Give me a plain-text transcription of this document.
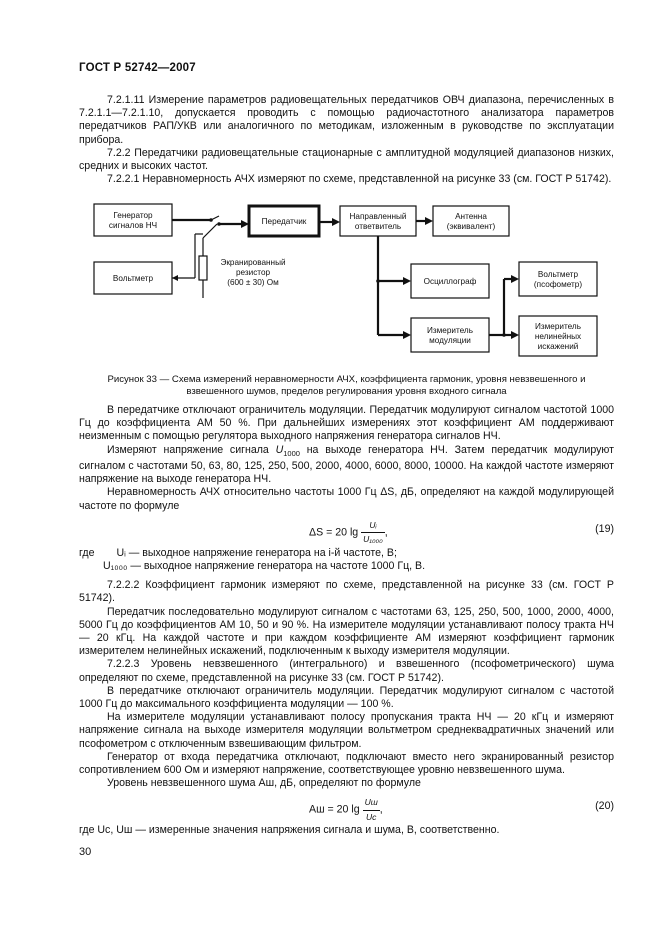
ГОСТ Р 52742—2007

7.2.1.11 Измерение параметров радиовещательных передатчиков ОВЧ диапазона, перечисленных в 7.2.1.1—7.2.1.10, допускается проводить с помощью радиочастотного анализатора параметров передатчиков РАП/УКВ или аналогичного по методикам, изложенным в руководстве по эксплуатации прибора.

7.2.2 Передатчики радиовещательные стационарные с амплитудной модуляцией диапазонов низких, средних и высоких частот.

7.2.2.1 Неравномерность АЧХ измеряют по схеме, представленной на рисунке 33 (см. ГОСТ Р 51742).

Генератор
сигналов НЧ
Вольтметр
Передатчик
Направленный
ответвитель
Антенна
(эквивалент)
Экранированный
резистор
(600 ± 30) Ом	Осциллограф
Измеритель
модуляции
Вольтметр
(псофометр)
Измеритель
нелинейных
искажений
Рисунок 33 — Схема измерений неравномерности АЧХ, коэффициента гармоник, уровня невзвешенного и взвешенного шумов, пределов регулирования уровня входного сигнала

В передатчике отключают ограничитель модуляции. Передатчик модулируют сигналом частотой 1000 Гц до коэффициента АМ 50 %. При дальнейших измерениях этот коэффициент АМ поддерживают неизменным с помощью регулятора выходного напряжения генератора сигналов НЧ.

Измеряют напряжение сигнала $U_{1000}$ на выходе генератора НЧ. Затем передатчик модулируют сигналом с частотами 50, 63, 80, 125, 250, 500, 2000, 4000, 6000, 8000, 10000. На каждой частоте измеряют напряжение на выходе генератора НЧ.

Неравномерность АЧХ относительно частоты 1000 Гц ΔS, дБ, определяют на каждой модулирующей частоте по формуле

ΔS = 20 $\lg \frac{\text{Uᵢ}}{\text{U₁₀₀₀}}$ ,	(19)

где Uᵢ — выходное напряжение генератора на i-й частоте, В;

U₁₀₀₀ — выходное напряжение генератора на частоте 1000 Гц, В.

7.2.2.2 Коэффициент гармоник измеряют по схеме, представленной на рисунке 33 (см. ГОСТ Р 51742).

Передатчик последовательно модулируют сигналом с частотами 63, 125, 250, 500, 1000, 2000, 4000, 5000 Гц до коэффициентов АМ 10, 50 и 90 %. На измерителе модуляции устанавливают полосу тракта НЧ — 20 кГц. На каждой частоте и при каждом коэффициенте АМ измеряют коэффициент гармоник измерителем нелинейных искажений, подключенным к выходу измерителя модуляции.

7.2.2.3 Уровень невзвешенного (интегрального) и взвешенного (псофометрического) шума определяют по схеме, представленной на рисунке 33 (см. ГОСТ Р 51742).

В передатчике отключают ограничитель модуляции. Передатчик модулируют сигналом с частотой 1000 Гц до максимального коэффициента модуляции — 100 %.

На измерителе модуляции устанавливают полосу пропускания тракта НЧ — 20 кГц и измеряют напряжение сигнала на выходе измерителя модуляции вольтметром среднеквадратичных значений или псофометром с отключенным взвешивающим фильтром.

Генератор от входа передатчика отключают, подключают вместо него экранированный резистор сопротивлением 600 Ом и измеряют напряжение, соответствующее уровню невзвешенного шума.

Уровень невзвешенного шума Aш, дБ, определяют по формуле

Aш = 20 $\lg \frac{Uш}{Uс}$ ,	(20)

где Uс, Uш — измеренные значения напряжения сигнала и шума, В, соответственно.

30
